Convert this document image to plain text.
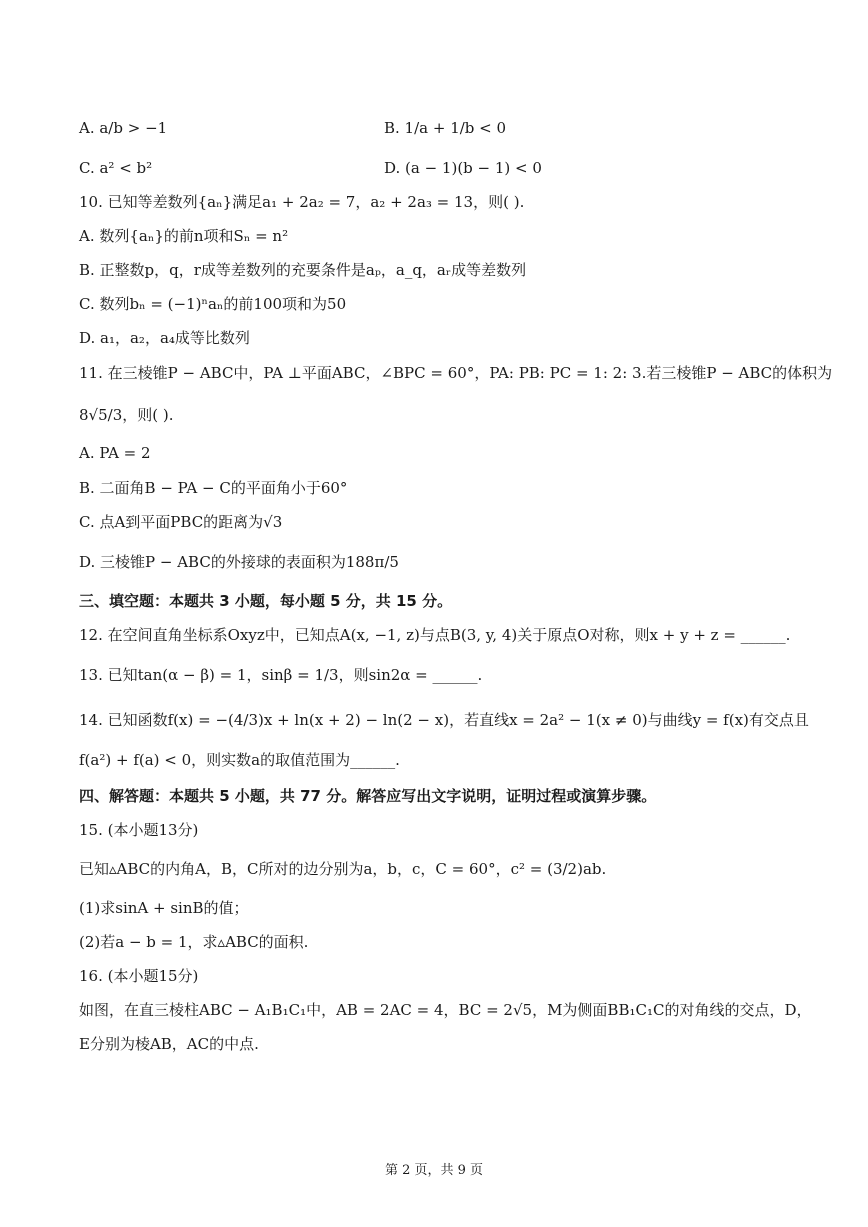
A. a/b > −1	B. 1/a + 1/b < 0
C. a² < b²	D. (a − 1)(b − 1) < 0
10. 已知等差数列{aₙ}满足a₁ + 2a₂ = 7，a₂ + 2a₃ = 13，则( ).
A. 数列{aₙ}的前n项和Sₙ = n²
B. 正整数p，q，r成等差数列的充要条件是aₚ，a_q，aᵣ成等差数列
C. 数列bₙ = (−1)ⁿaₙ的前100项和为50
D. a₁，a₂，a₄成等比数列
11. 在三棱锥P − ABC中，PA ⊥平面ABC，∠BPC = 60°，PA: PB: PC = 1: 2: 3.若三棱锥P − ABC的体积为
8√5/3，则( ).
A. PA = 2
B. 二面角B − PA − C的平面角小于60°
C. 点A到平面PBC的距离为√3
D. 三棱锥P − ABC的外接球的表面积为188π/5
三、填空题：本题共 3 小题，每小题 5 分，共 15 分。
12. 在空间直角坐标系Oxyz中，已知点A(x, −1, z)与点B(3, y, 4)关于原点O对称，则x + y + z = ______.
13. 已知tan(α − β) = 1，sinβ = 1/3，则sin2α = ______.
14. 已知函数f(x) = −(4/3)x + ln(x + 2) − ln(2 − x)，若直线x = 2a² − 1(x ≠ 0)与曲线y = f(x)有交点且
f(a²) + f(a) < 0，则实数a的取值范围为______.
四、解答题：本题共 5 小题，共 77 分。解答应写出文字说明，证明过程或演算步骤。
15. (本小题13分)
已知▵ABC的内角A，B，C所对的边分别为a，b，c，C = 60°，c² = (3/2)ab.
(1)求sinA + sinB的值；
(2)若a − b = 1，求▵ABC的面积.
16. (本小题15分)
如图，在直三棱柱ABC − A₁B₁C₁中，AB = 2AC = 4，BC = 2√5，M为侧面BB₁C₁C的对角线的交点，D，
E分别为棱AB，AC的中点.
第 2 页，共 9 页
